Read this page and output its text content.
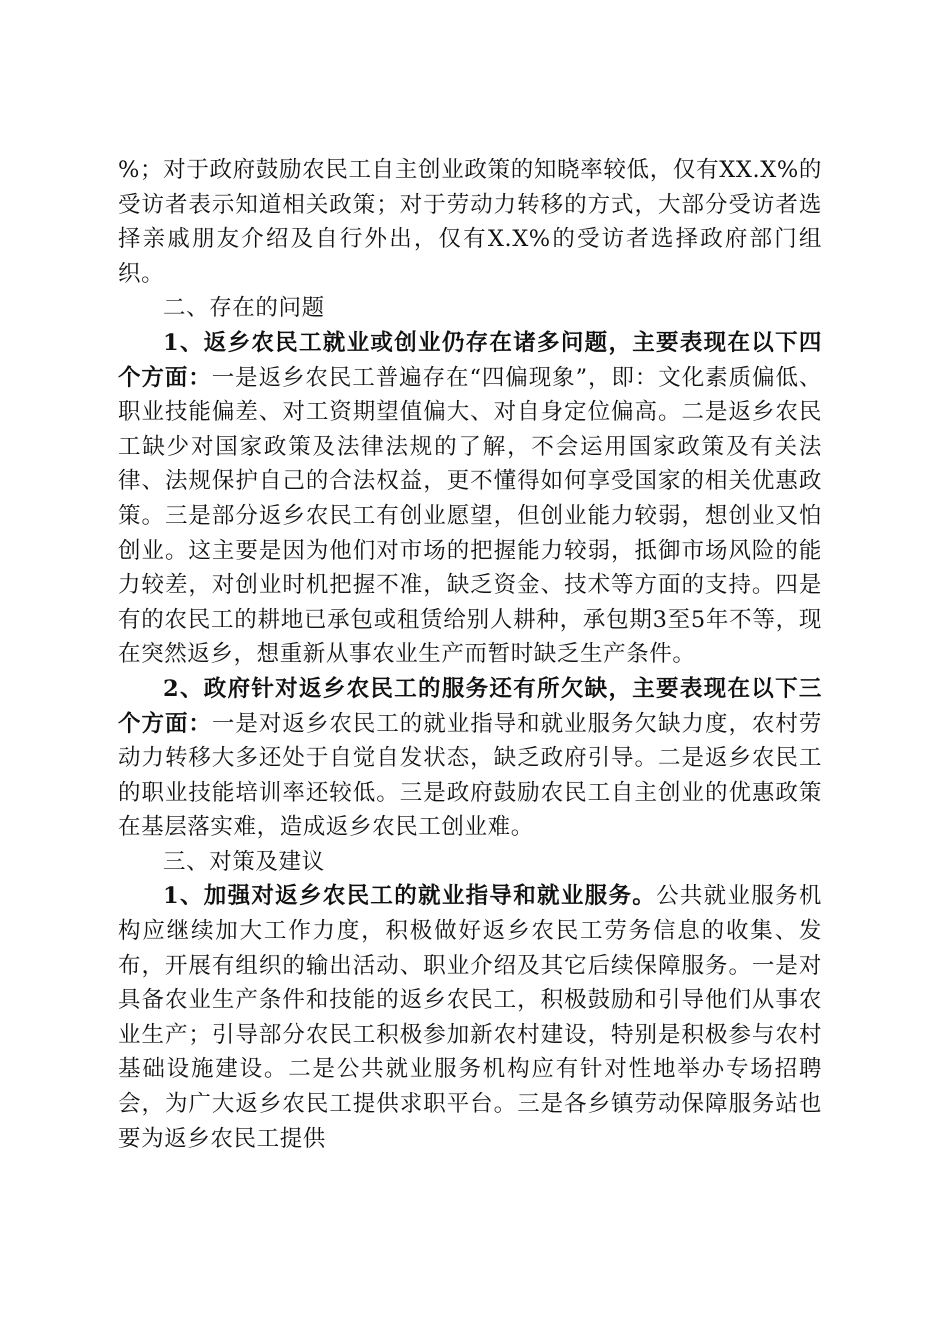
%；对于政府鼓励农民工自主创业政策的知晓率较低，仅有XX.X%的受访者表示知道相关政策；对于劳动力转移的方式，大部分受访者选择亲戚朋友介绍及自行外出，仅有X.X%的受访者选择政府部门组织。

二、存在的问题

1、返乡农民工就业或创业仍存在诸多问题，主要表现在以下四个方面：一是返乡农民工普遍存在“四偏现象”，即：文化素质偏低、职业技能偏差、对工资期望值偏大、对自身定位偏高。二是返乡农民工缺少对国家政策及法律法规的了解，不会运用国家政策及有关法律、法规保护自己的合法权益，更不懂得如何享受国家的相关优惠政策。三是部分返乡农民工有创业愿望，但创业能力较弱，想创业又怕创业。这主要是因为他们对市场的把握能力较弱，抵御市场风险的能力较差，对创业时机把握不准，缺乏资金、技术等方面的支持。四是有的农民工的耕地已承包或租赁给别人耕种，承包期3至5年不等，现在突然返乡，想重新从事农业生产而暂时缺乏生产条件。

2、政府针对返乡农民工的服务还有所欠缺，主要表现在以下三个方面：一是对返乡农民工的就业指导和就业服务欠缺力度，农村劳动力转移大多还处于自觉自发状态，缺乏政府引导。二是返乡农民工的职业技能培训率还较低。三是政府鼓励农民工自主创业的优惠政策在基层落实难，造成返乡农民工创业难。

三、对策及建议

1、加强对返乡农民工的就业指导和就业服务。公共就业服务机构应继续加大工作力度，积极做好返乡农民工劳务信息的收集、发布，开展有组织的输出活动、职业介绍及其它后续保障服务。一是对具备农业生产条件和技能的返乡农民工，积极鼓励和引导他们从事农业生产；引导部分农民工积极参加新农村建设，特别是积极参与农村基础设施建设。二是公共就业服务机构应有针对性地举办专场招聘会，为广大返乡农民工提供求职平台。三是各乡镇劳动保障服务站也要为返乡农民工提供
